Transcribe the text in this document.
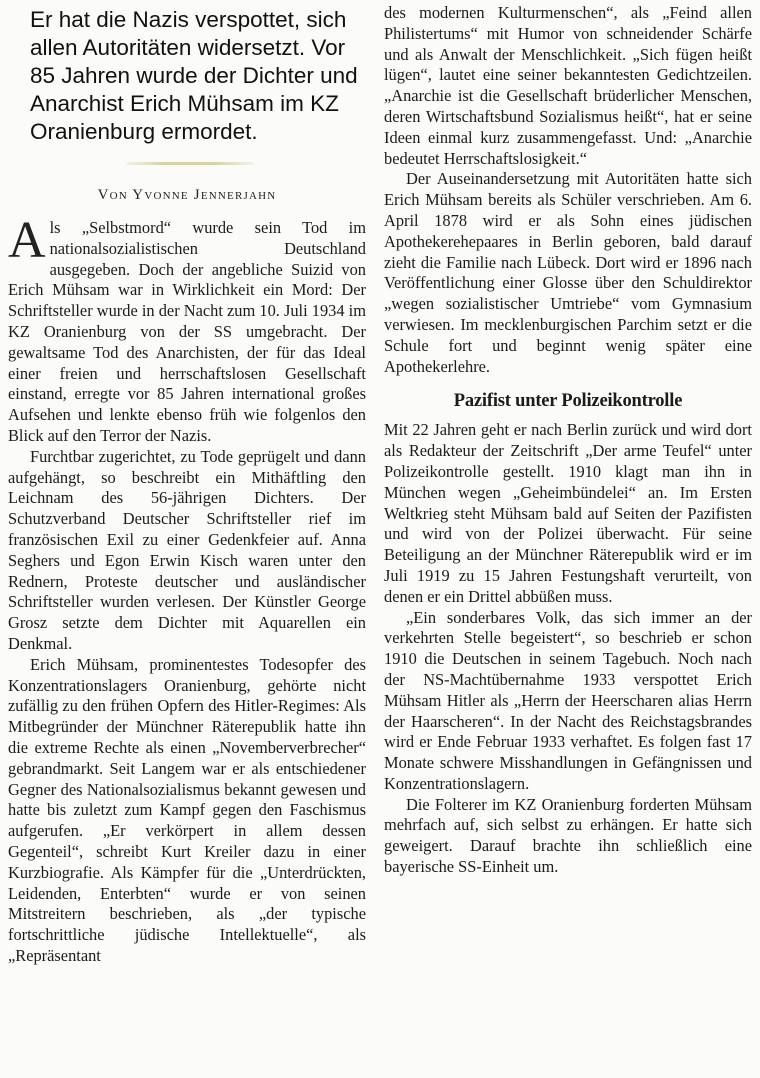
Er hat die Nazis verspottet, sich allen Autoritäten widersetzt. Vor 85 Jahren wurde der Dichter und Anarchist Erich Mühsam im KZ Oranienburg ermordet.
Von Yvonne Jennerjahn

Als „Selbstmord“ wurde sein Tod im nationalsozialistischen Deutschland ausgegeben. Doch der angebliche Suizid von Erich Mühsam war in Wirklichkeit ein Mord: Der Schriftsteller wurde in der Nacht zum 10. Juli 1934 im KZ Oranienburg von der SS umgebracht. Der gewaltsame Tod des Anarchisten, der für das Ideal einer freien und herrschaftslosen Gesellschaft einstand, erregte vor 85 Jahren international großes Aufsehen und lenkte ebenso früh wie folgenlos den Blick auf den Terror der Nazis.

Furchtbar zugerichtet, zu Tode geprügelt und dann aufgehängt, so beschreibt ein Mithäftling den Leichnam des 56-jährigen Dichters. Der Schutzverband Deutscher Schriftsteller rief im französischen Exil zu einer Gedenkfeier auf. Anna Seghers und Egon Erwin Kisch waren unter den Rednern, Proteste deutscher und ausländischer Schriftsteller wurden verlesen. Der Künstler George Grosz setzte dem Dichter mit Aquarellen ein Denkmal.

Erich Mühsam, prominentestes Todesopfer des Konzentrationslagers Oranienburg, gehörte nicht zufällig zu den frühen Opfern des Hitler-Regimes: Als Mitbegründer der Münchner Räterepublik hatte ihn die extreme Rechte als einen „Novemberverbrecher“ gebrandmarkt. Seit Langem war er als entschiedener Gegner des Nationalsozialismus bekannt gewesen und hatte bis zuletzt zum Kampf gegen den Faschismus aufgerufen. „Er verkörpert in allem dessen Gegenteil“, schreibt Kurt Kreiler dazu in einer Kurzbiografie. Als Kämpfer für die „Unterdrückten, Leidenden, Enterbten“ wurde er von seinen Mitstreitern beschrieben, als „der typische fortschrittliche jüdische Intellektuelle“, als „Repräsentant

des modernen Kulturmenschen“, als „Feind allen Philistertums“ mit Humor von schneidender Schärfe und als Anwalt der Menschlichkeit. „Sich fügen heißt lügen“, lautet eine seiner bekanntesten Gedichtzeilen. „Anarchie ist die Gesellschaft brüderlicher Menschen, deren Wirtschaftsbund Sozialismus heißt“, hat er seine Ideen einmal kurz zusammengefasst. Und: „Anarchie bedeutet Herrschaftslosigkeit.“

Der Auseinandersetzung mit Autoritäten hatte sich Erich Mühsam bereits als Schüler verschrieben. Am 6. April 1878 wird er als Sohn eines jüdischen Apothekerehepaares in Berlin geboren, bald darauf zieht die Familie nach Lübeck. Dort wird er 1896 nach Veröffentlichung einer Glosse über den Schuldirektor „wegen sozialistischer Umtriebe“ vom Gymnasium verwiesen. Im mecklenburgischen Parchim setzt er die Schule fort und beginnt wenig später eine Apothekerlehre.

Pazifist unter Polizeikontrolle

Mit 22 Jahren geht er nach Berlin zurück und wird dort als Redakteur der Zeitschrift „Der arme Teufel“ unter Polizeikontrolle gestellt. 1910 klagt man ihn in München wegen „Geheimbündelei“ an. Im Ersten Weltkrieg steht Mühsam bald auf Seiten der Pazifisten und wird von der Polizei überwacht. Für seine Beteiligung an der Münchner Räterepublik wird er im Juli 1919 zu 15 Jahren Festungshaft verurteilt, von denen er ein Drittel abbüßen muss.

„Ein sonderbares Volk, das sich immer an der verkehrten Stelle begeistert“, so beschrieb er schon 1910 die Deutschen in seinem Tagebuch. Noch nach der NS-Machtübernahme 1933 verspottet Erich Mühsam Hitler als „Herrn der Heerscharen alias Herrn der Haarscheren“. In der Nacht des Reichstagsbrandes wird er Ende Februar 1933 verhaftet. Es folgen fast 17 Monate schwere Misshandlungen in Gefängnissen und Konzentrationslagern.

Die Folterer im KZ Oranienburg forderten Mühsam mehrfach auf, sich selbst zu erhängen. Er hatte sich geweigert. Darauf brachte ihn schließlich eine bayerische SS-Einheit um.
